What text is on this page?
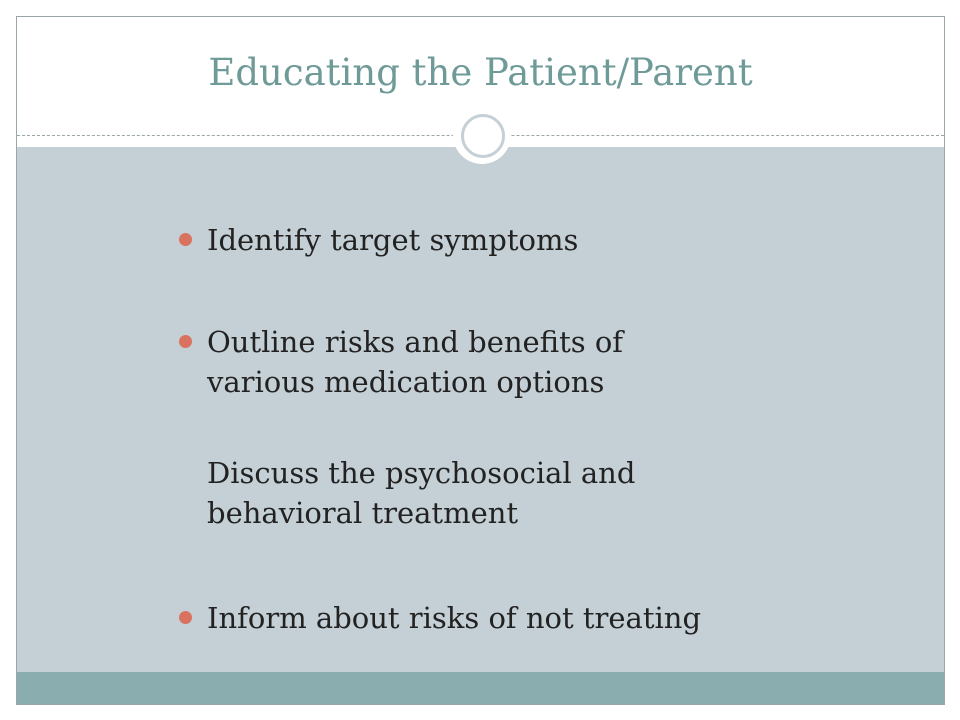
Educating the Patient/Parent
Identify target symptoms
Outline risks and benefits of
various medication options
Discuss the psychosocial and
behavioral treatment
Inform about risks of not treating
